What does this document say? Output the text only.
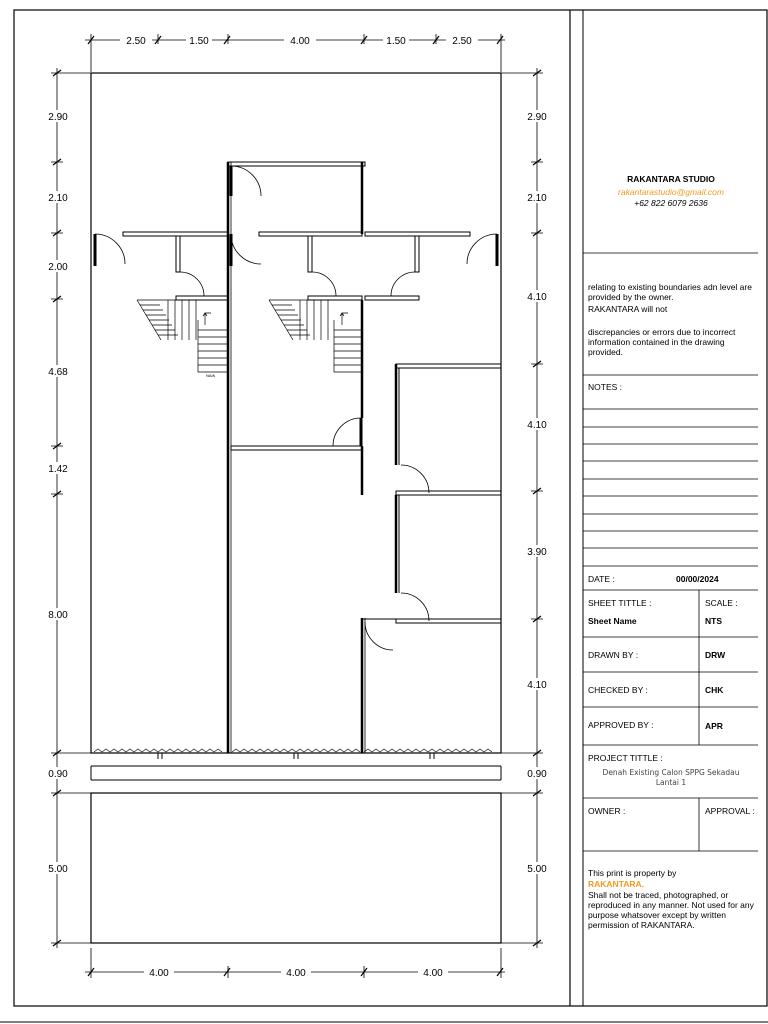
NAIK
2.50	1.50	4.00	1.50	2.50
4.00	4.00	4.00
2.90
2.10
2.00
4.68
1.42
8.00
0.90
5.00
2.90
2.10
4.10
4.10
3.90
4.10
0.90
5.00
RAKANTARA STUDIO
rakantarastudio@gmail.com
+62 822 6079 2636
relating to existing boundaries adn level are provided by the owner.
RAKANTARA will not
discrepancies or errors due to incorrect information contained in the drawing provided.
NOTES :
DATE :	00/00/2024
SHEET TITTLE :
Sheet Name
SCALE :
NTS
DRAWN BY :	DRW
CHECKED BY :	CHK
APPROVED BY :	APR
PROJECT TITTLE :
Denah Existing Calon SPPG Sekadau
Lantai 1
OWNER :	APPROVAL :
This print is property by
RAKANTARA.
Shall not be traced, photographed, or reproduced in any manner. Not used for any purpose whatsover except by written permission of RAKANTARA.
